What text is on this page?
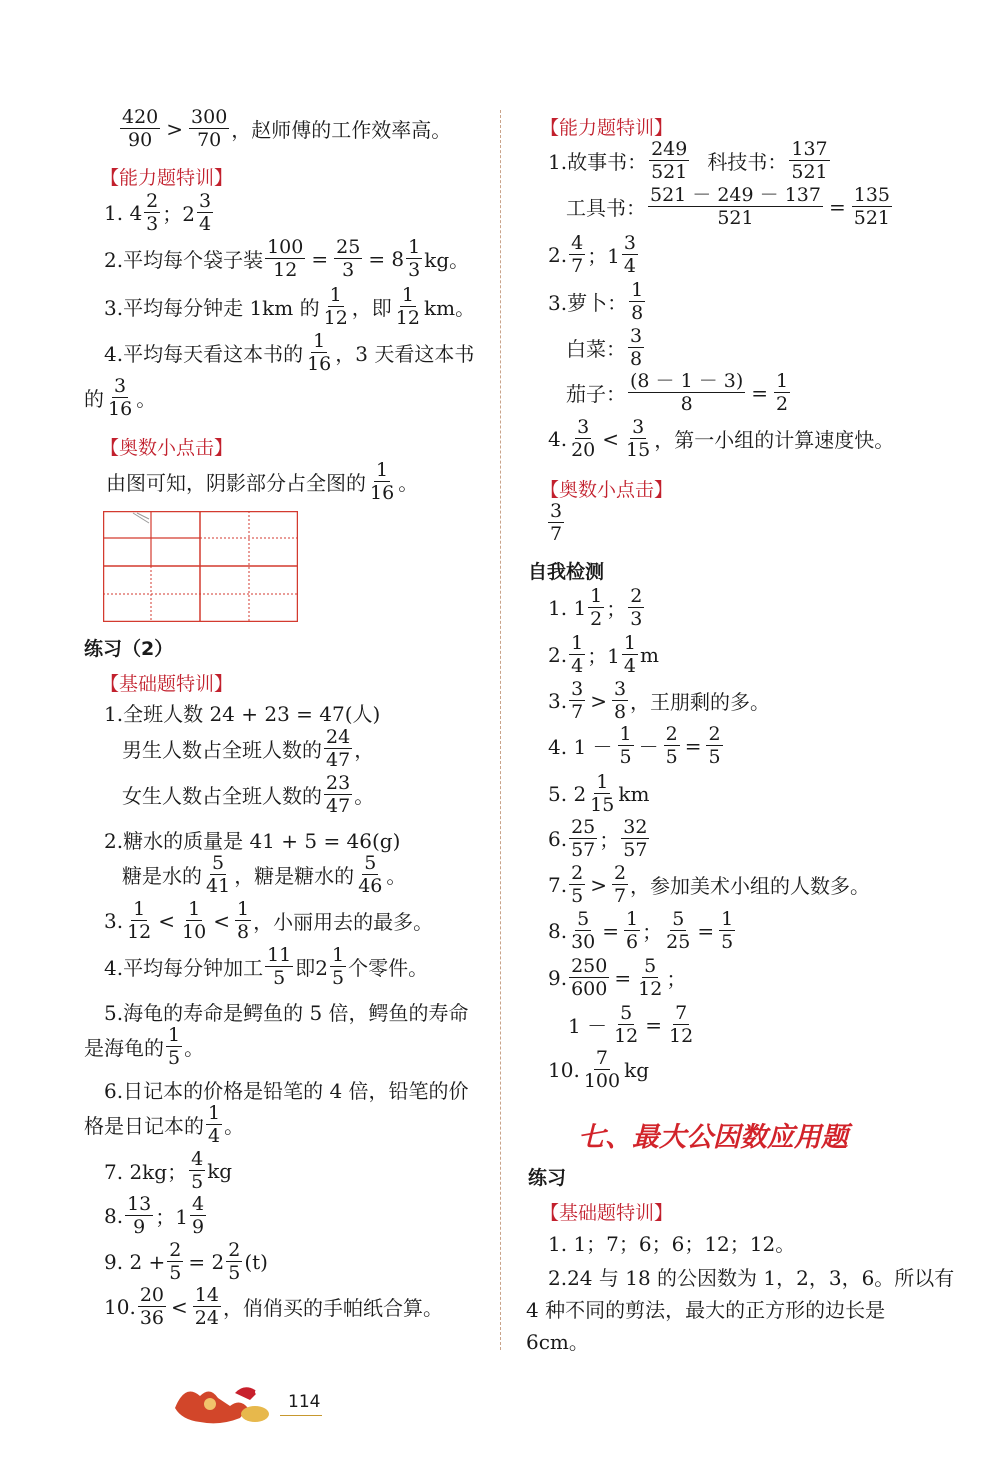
$\frac{420}{90} > \frac{300}{70}$ ，赵师傅的工作效率高。
【能力题特训】
1. $4 \frac{2}{3}$ ；$2 \frac{3}{4}$
2.平均每个袋子装 $\frac{100}{12} = \frac{25}{3} = 8 \frac{1}{3}$ kg。
3.平均每分钟走 1km 的 $\frac{1}{12}$ ，即 $\frac{1}{12}$ km。
4.平均每天看这本书的 $\frac{1}{16}$ ，3 天看这本书
的 $\frac{3}{16}$ 。
【奥数小点击】
由图可知，阴影部分占全图的 $\frac{1}{16}$ 。
练习（2）
【基础题特训】
1.全班人数 24 + 23 = 47(人)
男生人数占全班人数的 $\frac{24}{47}$ ，
女生人数占全班人数的 $\frac{23}{47}$ 。
2.糖水的质量是 41 + 5 = 46(g)
糖是水的 $\frac{5}{41}$ ，糖是糖水的 $\frac{5}{46}$ 。
3. $\frac{1}{12} < \frac{1}{10} < \frac{1}{8}$ ，小丽用去的最多。
4.平均每分钟加工 $\frac{11}{5}$ 即$2 \frac{1}{5}$ 个零件。
5.海龟的寿命是鳄鱼的 5 倍，鳄鱼的寿命
是海龟的 $\frac{1}{5}$ 。
6.日记本的价格是铅笔的 4 倍，铅笔的价
格是日记本的 $\frac{1}{4}$ 。
7. 2kg； $\frac{4}{5}$ kg
8. $\frac{13}{9}$ ；$1 \frac{4}{9}$
9. $2 + \frac{2}{5} = 2 \frac{2}{5} (t)$
10. $\frac{20}{36} < \frac{14}{24}$ ，俏俏买的手帕纸合算。
【能力题特训】
1.故事书： $\frac{249}{521}$ 科技书： $\frac{137}{521}$
工具书： $\frac{521 - 249 - 137}{521} = \frac{135}{521}$
2. $\frac{4}{7}$ ；$1 \frac{3}{4}$
3.萝卜： $\frac{1}{8}$
白菜： $\frac{3}{8}$
茄子： $\frac{(8 - 1 - 3)}{8} = \frac{1}{2}$
4. $\frac{3}{20} < \frac{3}{15}$ ，第一小组的计算速度快。
【奥数小点击】
$\frac{3}{7}$
自我检测
1. $1 \frac{1}{2}$ ； $\frac{2}{3}$
2. $\frac{1}{4}$ ；$1 \frac{1}{4}$ m
3. $\frac{3}{7} > \frac{3}{8}$ ，王朋剩的多。
4. $1 - \frac{1}{5} - \frac{2}{5} = \frac{2}{5}$
5. $2 \frac{1}{15}$ km
6. $\frac{25}{57}$ ； $\frac{32}{57}$
7. $\frac{2}{5} > \frac{2}{7}$ ，参加美术小组的人数多。
8. $\frac{5}{30} = \frac{1}{6}$ ； $\frac{5}{25} = \frac{1}{5}$
9. $\frac{250}{600} = \frac{5}{12}$ ；
$1 - \frac{5}{12} = \frac{7}{12}$
10. $\frac{7}{100}$ kg
七、最大公因数应用题
练习
【基础题特训】
1. 1；7；6；6；12；12。
2.24 与 18 的公因数为 1，2，3，6。所以有
4 种不同的剪法，最大的正方形的边长是
6cm。
114
